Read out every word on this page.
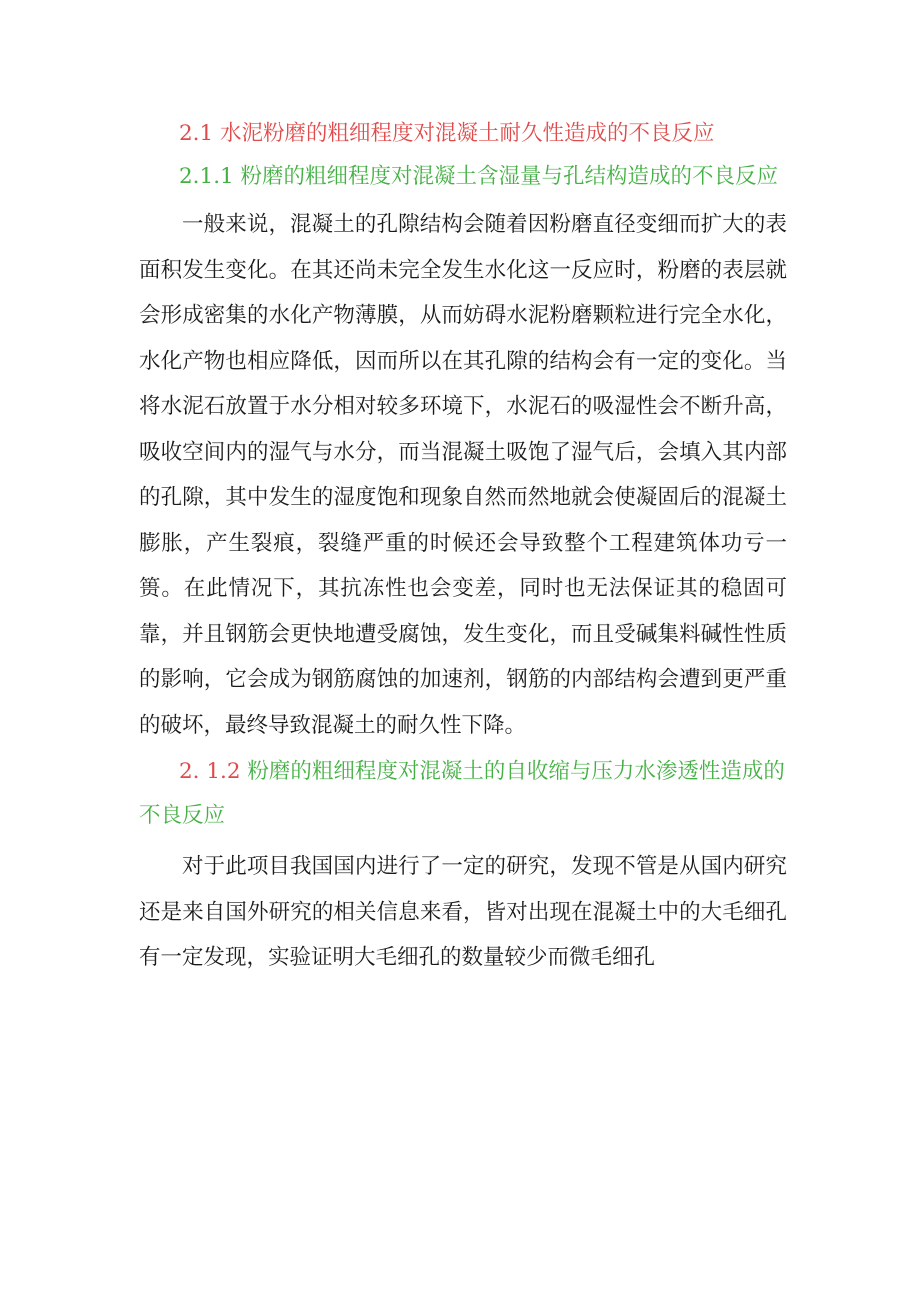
2.1 水泥粉磨的粗细程度对混凝土耐久性造成的不良反应
2.1.1 粉磨的粗细程度对混凝土含湿量与孔结构造成的不良反应

一般来说，混凝土的孔隙结构会随着因粉磨直径变细而扩大的表面积发生变化。在其还尚未完全发生水化这一反应时，粉磨的表层就会形成密集的水化产物薄膜，从而妨碍水泥粉磨颗粒进行完全水化，水化产物也相应降低，因而所以在其孔隙的结构会有一定的变化。当将水泥石放置于水分相对较多环境下，水泥石的吸湿性会不断升高，吸收空间内的湿气与水分，而当混凝土吸饱了湿气后，会填入其内部的孔隙，其中发生的湿度饱和现象自然而然地就会使凝固后的混凝土膨胀，产生裂痕，裂缝严重的时候还会导致整个工程建筑体功亏一篑。在此情况下，其抗冻性也会变差，同时也无法保证其的稳固可靠，并且钢筋会更快地遭受腐蚀，发生变化，而且受碱集料碱性性质的影响，它会成为钢筋腐蚀的加速剂，钢筋的内部结构会遭到更严重的破坏，最终导致混凝土的耐久性下降。

2. 1.2 粉磨的粗细程度对混凝土的自收缩与压力水渗透性造成的不良反应

对于此项目我国国内进行了一定的研究，发现不管是从国内研究还是来自国外研究的相关信息来看，皆对出现在混凝土中的大毛细孔有一定发现，实验证明大毛细孔的数量较少而微毛细孔
